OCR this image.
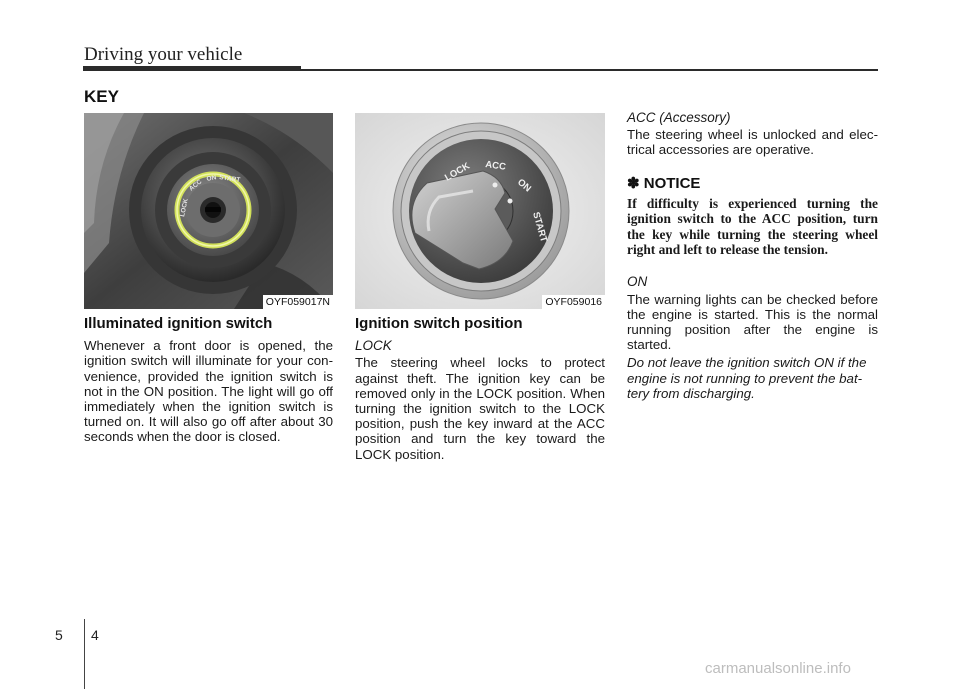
Driving your vehicle
KEY
LOCK
ACC ON START
OYF059017N
LOCK ACC
ON
START
OYF059016
Illuminated ignition switch

Whenever a front door is opened, the ignition switch will illuminate for your convenience, provided the ignition switch is not in the ON position. The light will go off immediately when the ignition switch is turned on. It will also go off after about 30 seconds when the door is closed.

Ignition switch position

LOCK

The steering wheel locks to protect against theft. The ignition key can be removed only in the LOCK position. When turning the ignition switch to the LOCK position, push the key inward at the ACC position and turn the key toward the LOCK position.

ACC (Accessory)

The steering wheel is unlocked and electrical accessories are operative.

✽ NOTICE

If difficulty is experienced turning the ignition switch to the ACC position, turn the key while turning the steering wheel right and left to release the tension.

ON

The warning lights can be checked before the engine is started. This is the normal running position after the engine is started.

Do not leave the ignition switch ON if the engine is not running to prevent the battery from discharging.

5 4
carmanualsonline.info
